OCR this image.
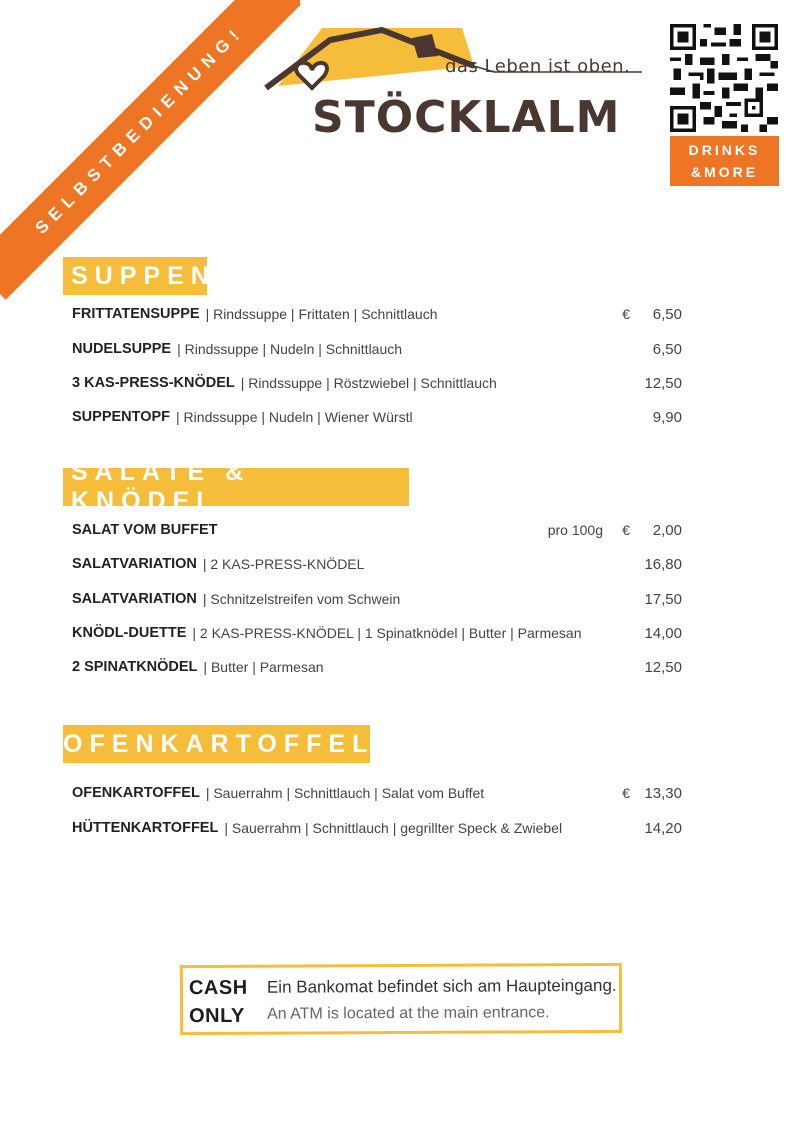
SELBSTBEDIENUNG!	das Leben ist oben.
STÖCKLALM
DRINKS
&MORE
SUPPEN
FRITTATENSUPPE | Rindssuppe | Frittaten | Schnittlauch	€ 6,50
NUDELSUPPE | Rindssuppe | Nudeln | Schnittlauch	6,50
3 KAS-PRESS-KNÖDEL | Rindssuppe | Röstzwiebel | Schnittlauch	12,50
SUPPENTOPF | Rindssuppe | Nudeln | Wiener Würstl	9,90
SALATE & KNÖDEL
SALAT VOM BUFFET	pro 100g € 2,00
SALATVARIATION | 2 KAS-PRESS-KNÖDEL	16,80
SALATVARIATION | Schnitzelstreifen vom Schwein	17,50
KNÖDL-DUETTE | 2 KAS-PRESS-KNÖDEL | 1 Spinatknödel | Butter | Parmesan	14,00
2 SPINATKNÖDEL | Butter | Parmesan	12,50
OFENKARTOFFEL
OFENKARTOFFEL | Sauerrahm | Schnittlauch | Salat vom Buffet	€ 13,30
HÜTTENKARTOFFEL | Sauerrahm | Schnittlauch | gegrillter Speck & Zwiebel	14,20
CASH
ONLY
Ein Bankomat befindet sich am Haupteingang.
An ATM is located at the main entrance.
